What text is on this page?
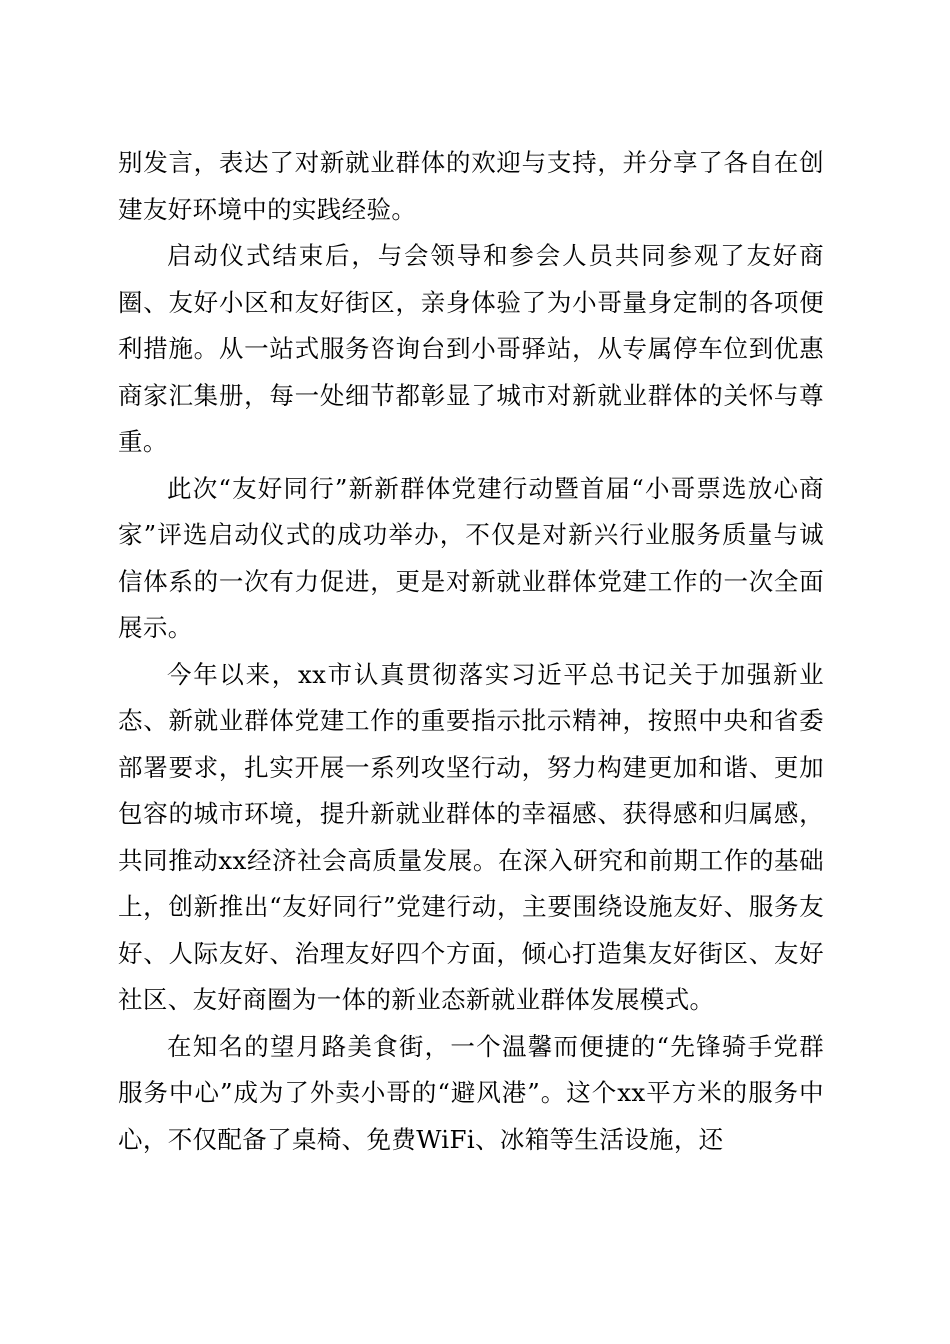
别发言，表达了对新就业群体的欢迎与支持，并分享了各自在创建友好环境中的实践经验。

启动仪式结束后，与会领导和参会人员共同参观了友好商圈、友好小区和友好街区，亲身体验了为小哥量身定制的各项便利措施。从一站式服务咨询台到小哥驿站，从专属停车位到优惠商家汇集册，每一处细节都彰显了城市对新就业群体的关怀与尊重。

此次“友好同行”新新群体党建行动暨首届“小哥票选放心商家”评选启动仪式的成功举办，不仅是对新兴行业服务质量与诚信体系的一次有力促进，更是对新就业群体党建工作的一次全面展示。

今年以来，xx市认真贯彻落实习近平总书记关于加强新业态、新就业群体党建工作的重要指示批示精神，按照中央和省委部署要求，扎实开展一系列攻坚行动，努力构建更加和谐、更加包容的城市环境，提升新就业群体的幸福感、获得感和归属感，共同推动xx经济社会高质量发展。在深入研究和前期工作的基础上，创新推出“友好同行”党建行动，主要围绕设施友好、服务友好、人际友好、治理友好四个方面，倾心打造集友好街区、友好社区、友好商圈为一体的新业态新就业群体发展模式。

在知名的望月路美食街，一个温馨而便捷的“先锋骑手党群服务中心”成为了外卖小哥的“避风港”。这个xx平方米的服务中心，不仅配备了桌椅、免费WiFi、冰箱等生活设施，还
